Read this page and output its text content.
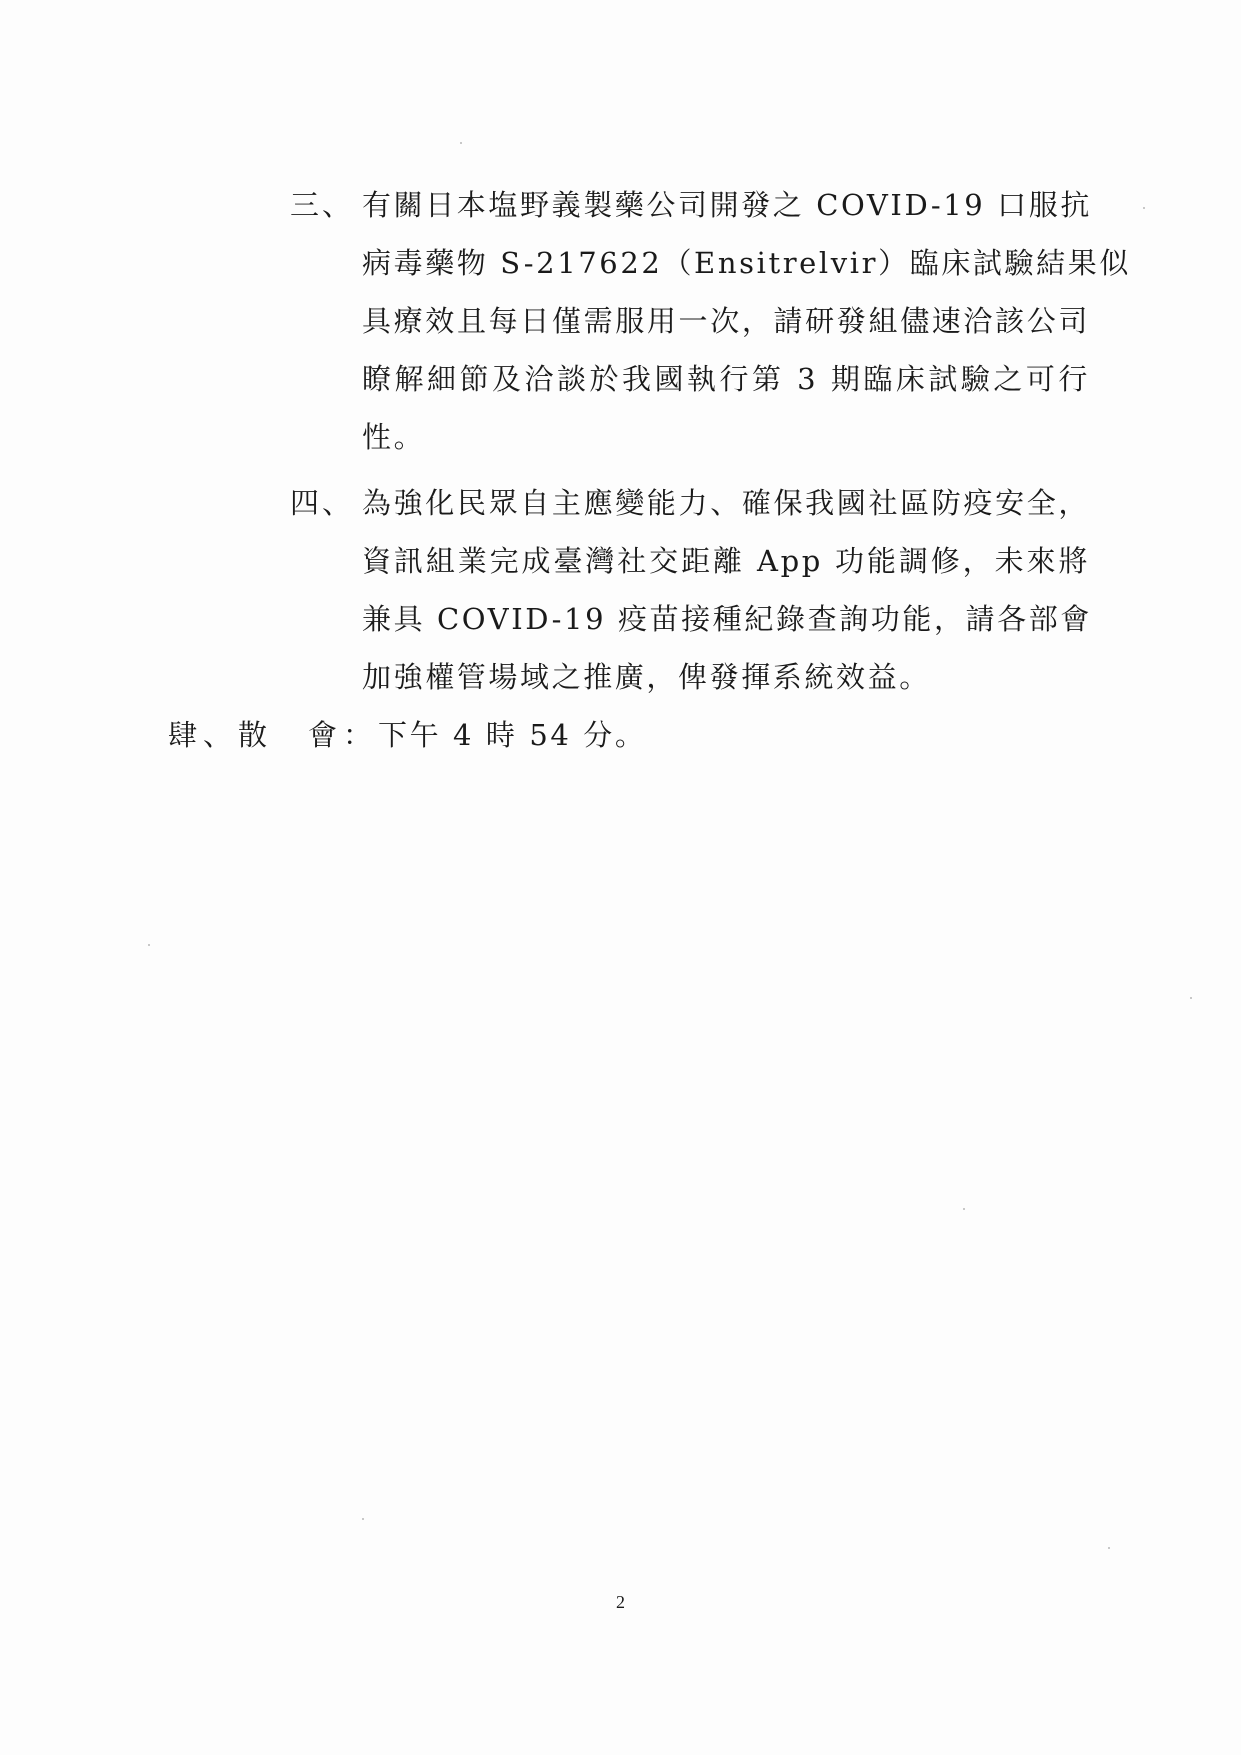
三、 有關日本塩野義製藥公司開發之 COVID-19 口服抗
病毒藥物 S-217622（Ensitrelvir）臨床試驗結果似
具療效且每日僅需服用一次，請研發組儘速洽該公司
瞭解細節及洽談於我國執行第 3 期臨床試驗之可行
性。
四、 為強化民眾自主應變能力、確保我國社區防疫安全，
資訊組業完成臺灣社交距離 App 功能調修，未來將
兼具 COVID-19 疫苗接種紀錄查詢功能，請各部會
加強權管場域之推廣，俾發揮系統效益。
肆、散　會：下午 4 時 54 分。
2
